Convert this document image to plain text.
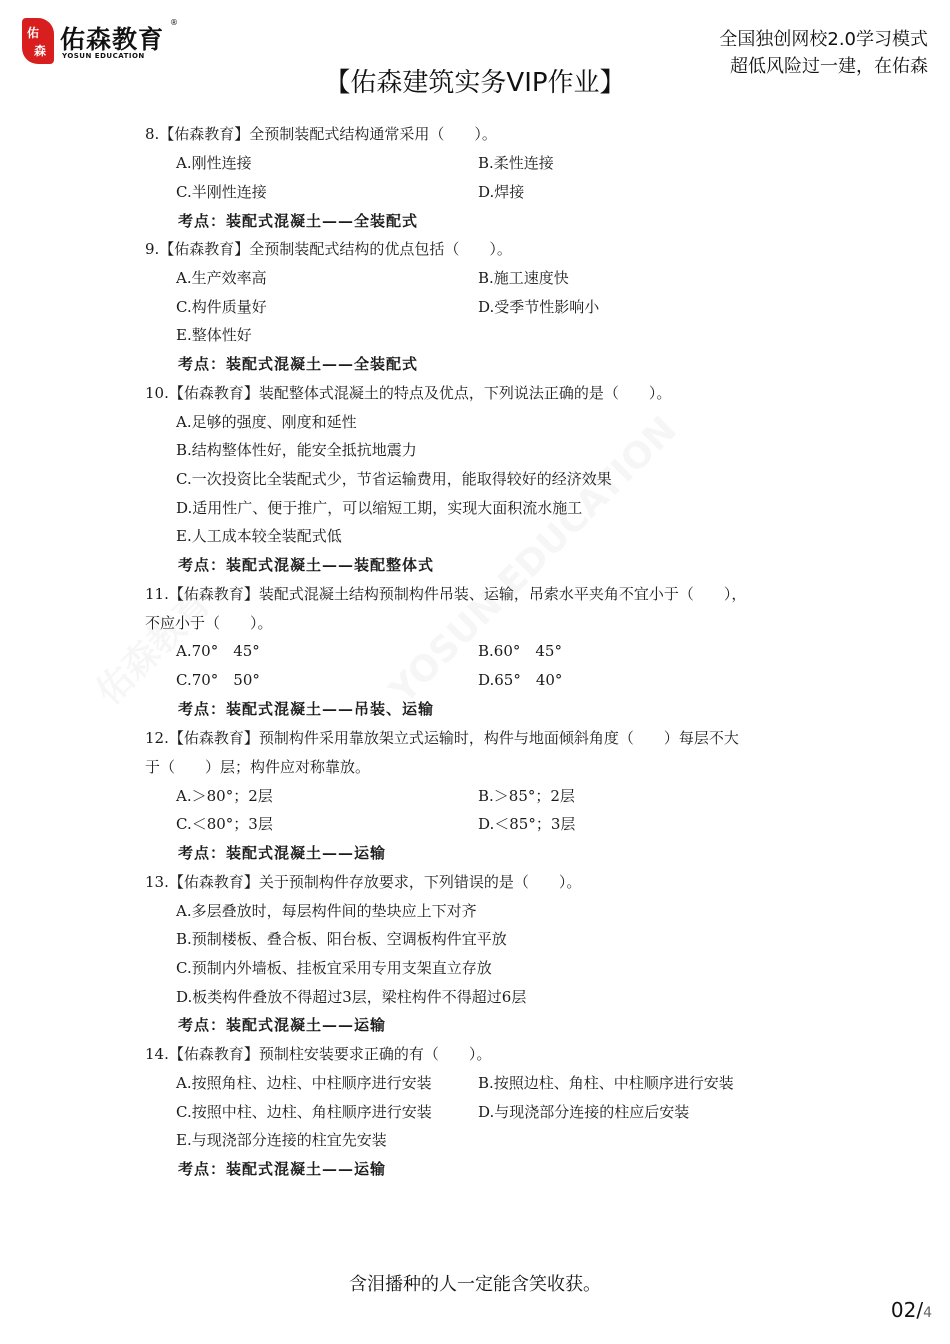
佑
森 佑森教育
YOSUN EDUCATION
®
全国独创网校2.0学习模式
超低风险过一建，在佑森
【佑森建筑实务VIP作业】
8.【佑森教育】全预制装配式结构通常采用（　　）。
A.刚性连接	B.柔性连接
C.半刚性连接	D.焊接
考点：装配式混凝土——全装配式
9.【佑森教育】全预制装配式结构的优点包括（　　）。
A.生产效率高	B.施工速度快
C.构件质量好	D.受季节性影响小
E.整体性好
考点：装配式混凝土——全装配式
10.【佑森教育】装配整体式混凝土的特点及优点，下列说法正确的是（　　）。
A.足够的强度、刚度和延性
B.结构整体性好，能安全抵抗地震力
C.一次投资比全装配式少，节省运输费用，能取得较好的经济效果
D.适用性广、便于推广，可以缩短工期，实现大面积流水施工
E.人工成本较全装配式低
考点：装配式混凝土——装配整体式
11.【佑森教育】装配式混凝土结构预制构件吊装、运输，吊索水平夹角不宜小于（　　），
不应小于（　　）。
A.70°　45°	B.60°　45°
C.70°　50°	D.65°　40°
考点：装配式混凝土——吊装、运输
12.【佑森教育】预制构件采用靠放架立式运输时，构件与地面倾斜角度（　　）每层不大
于（　　）层；构件应对称靠放。
A.＞80°；2层	B.＞85°；2层
C.＜80°；3层	D.＜85°；3层
考点：装配式混凝土——运输
13.【佑森教育】关于预制构件存放要求，下列错误的是（　　）。
A.多层叠放时，每层构件间的垫块应上下对齐
B.预制楼板、叠合板、阳台板、空调板构件宜平放
C.预制内外墙板、挂板宜采用专用支架直立存放
D.板类构件叠放不得超过3层，梁柱构件不得超过6层
考点：装配式混凝土——运输
14.【佑森教育】预制柱安装要求正确的有（　　）。
A.按照角柱、边柱、中柱顺序进行安装	B.按照边柱、角柱、中柱顺序进行安装
C.按照中柱、边柱、角柱顺序进行安装	D.与现浇部分连接的柱应后安装
E.与现浇部分连接的柱宜先安装
考点：装配式混凝土——运输
含泪播种的人一定能含笑收获。
02/4
